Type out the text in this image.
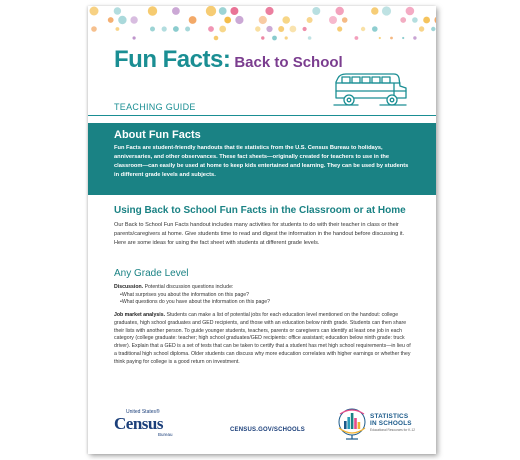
Fun Facts: Back to School
TEACHING GUIDE
About Fun Facts
Fun Facts are student-friendly handouts that tie statistics from the U.S. Census Bureau to holidays, anniversaries, and other observances. These fact sheets—originally created for teachers to use in the classroom—can easily be used at home to keep kids entertained and learning. They can be used by students in different grade levels and subjects.
Using Back to School Fun Facts in the Classroom or at Home
Our Back to School Fun Facts handout includes many activities for students to do with their teacher in class or their parents/caregivers at home. Give students time to read and digest the information in the handout before discussing it. Here are some ideas for using the fact sheet with students at different grade levels.
Any Grade Level
Discussion. Potential discussion questions include:
• What surprises you about the information on this page?
• What questions do you have about the information on this page?
Job market analysis. Students can make a list of potential jobs for each education level mentioned on the handout: college graduates, high school graduates and GED recipients, and those with an education below ninth grade. Students can then share their lists with another person. To guide younger students, teachers, parents or caregivers can identify at least one job in each category (college graduate: teacher; high school graduates/GED recipients: office assistant; education below ninth grade: truck driver). Explain that a GED is a set of tests that can be taken to certify that a student has met high school requirements—in lieu of a traditional high school diploma. Older students can discuss why more education correlates with higher earnings or whether they think paying for college is a good return on investment.
United States®
Census
Bureau
CENSUS.GOV/SCHOOLS
STATISTICS
IN SCHOOLS
Educational Resources for K-12
